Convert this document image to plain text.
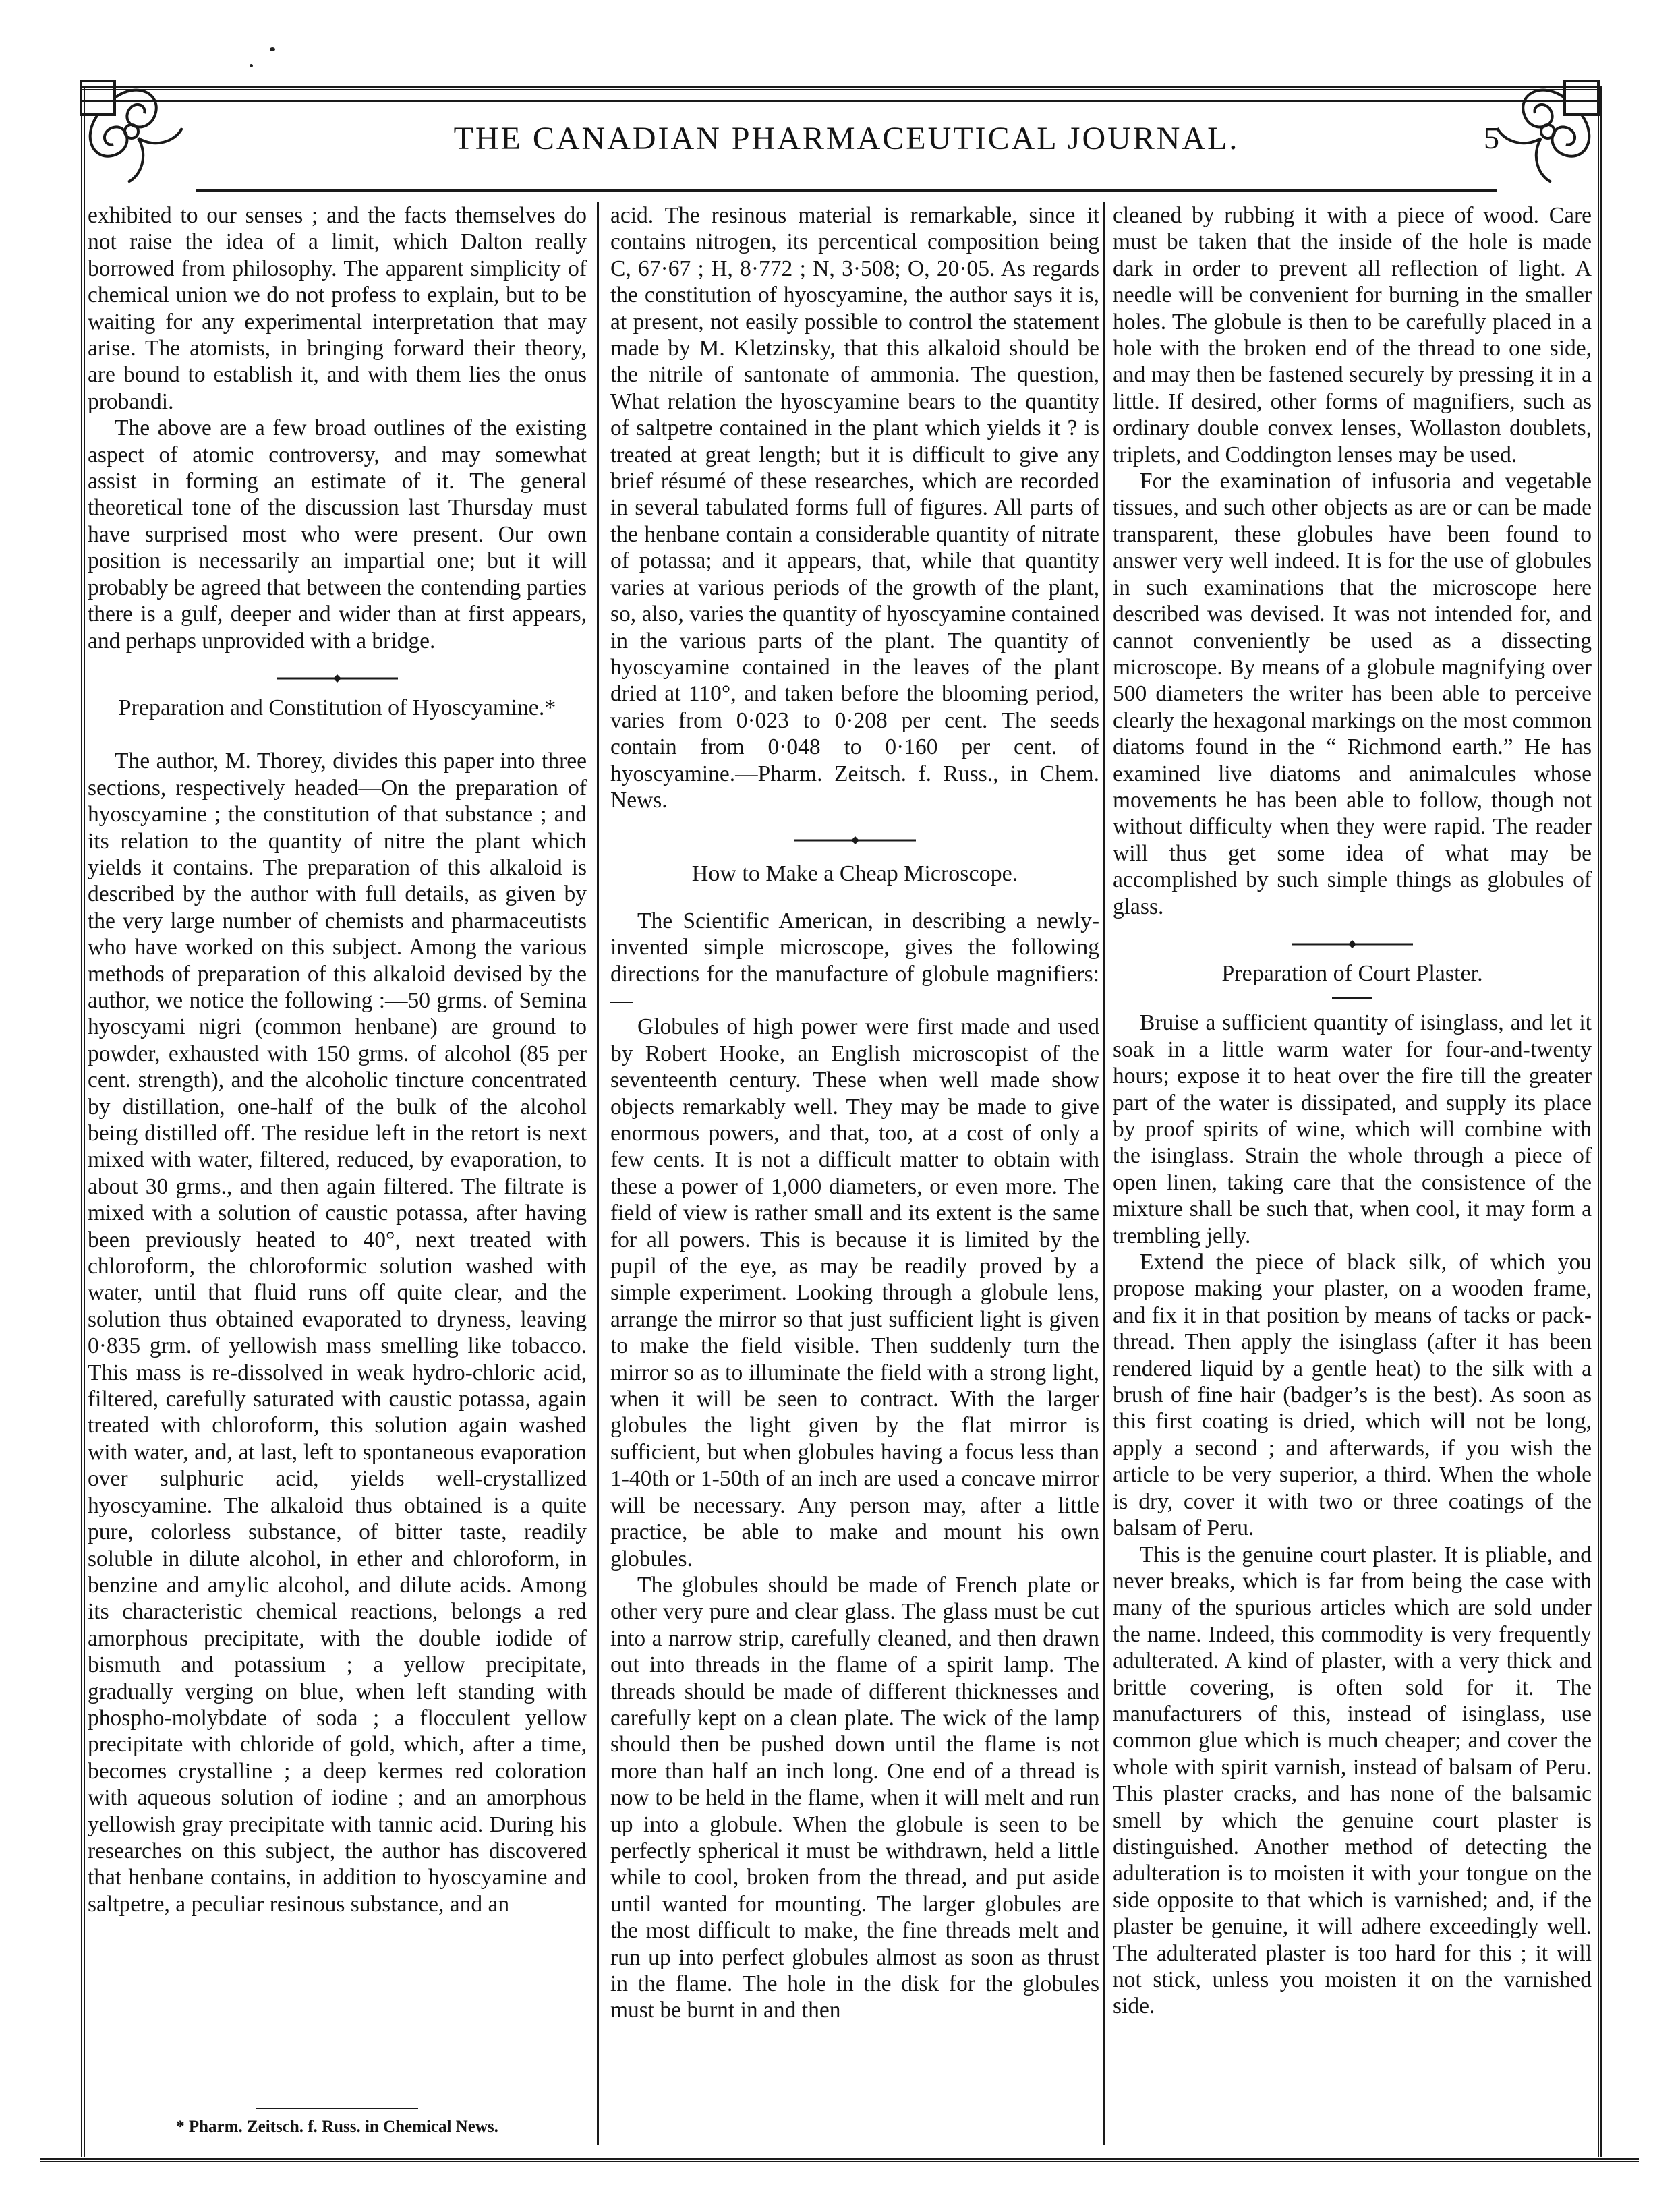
THE CANADIAN PHARMACEUTICAL JOURNAL.	5

exhibited to our senses ; and the facts themselves do not raise the idea of a limit, which Dalton really borrowed from philosophy. The apparent simplicity of chemical union we do not profess to explain, but to be waiting for any experimental interpretation that may arise. The atomists, in bringing forward their theory, are bound to establish it, and with them lies the onus probandi.

The above are a few broad outlines of the existing aspect of atomic controversy, and may somewhat assist in forming an estimate of it. The general theoretical tone of the discussion last Thursday must have surprised most who were present. Our own position is necessarily an impartial one; but it will probably be agreed that between the contending parties there is a gulf, deeper and wider than at first appears, and perhaps unprovided with a bridge.

Preparation and Constitution of Hyoscyamine.*

The author, M. Thorey, divides this paper into three sections, respectively headed—On the preparation of hyoscyamine ; the constitution of that substance ; and its relation to the quantity of nitre the plant which yields it contains. The preparation of this alkaloid is described by the author with full details, as given by the very large number of chemists and pharmaceutists who have worked on this subject. Among the various methods of preparation of this alkaloid devised by the author, we notice the following :—50 grms. of Semina hyoscyami nigri (common henbane) are ground to powder, exhausted with 150 grms. of alcohol (85 per cent. strength), and the alcoholic tincture concentrated by distillation, one-half of the bulk of the alcohol being distilled off. The residue left in the retort is next mixed with water, filtered, reduced, by evaporation, to about 30 grms., and then again filtered. The filtrate is mixed with a solution of caustic potassa, after having been previously heated to 40°, next treated with chloroform, the chloroformic solution washed with water, until that fluid runs off quite clear, and the solution thus obtained evaporated to dryness, leaving 0·835 grm. of yellowish mass smelling like tobacco. This mass is re-dissolved in weak hydro-chloric acid, filtered, carefully saturated with caustic potassa, again treated with chloroform, this solution again washed with water, and, at last, left to spontaneous evaporation over sulphuric acid, yields well-crystallized hyoscyamine. The alkaloid thus obtained is a quite pure, colorless substance, of bitter taste, readily soluble in dilute alcohol, in ether and chloroform, in benzine and amylic alcohol, and dilute acids. Among its characteristic chemical reactions, belongs a red amorphous precipitate, with the double iodide of bismuth and potassium ; a yellow precipitate, gradually verging on blue, when left standing with phospho-molybdate of soda ; a flocculent yellow precipitate with chloride of gold, which, after a time, becomes crystalline ; a deep kermes red coloration with aqueous solution of iodine ; and an amorphous yellowish gray precipitate with tannic acid. During his researches on this subject, the author has discovered that henbane contains, in addition to hyoscyamine and saltpetre, a peculiar resinous substance, and an

* Pharm. Zeitsch. f. Russ. in Chemical News.

acid. The resinous material is remarkable, since it contains nitrogen, its percentical composition being C, 67·67 ; H, 8·772 ; N, 3·508; O, 20·05. As regards the constitution of hyoscyamine, the author says it is, at present, not easily possible to control the statement made by M. Kletzinsky, that this alkaloid should be the nitrile of santonate of ammonia. The question, What relation the hyoscyamine bears to the quantity of saltpetre contained in the plant which yields it ? is treated at great length; but it is difficult to give any brief résumé of these researches, which are recorded in several tabulated forms full of figures. All parts of the henbane contain a considerable quantity of nitrate of potassa; and it appears, that, while that quantity varies at various periods of the growth of the plant, so, also, varies the quantity of hyoscyamine contained in the various parts of the plant. The quantity of hyoscyamine contained in the leaves of the plant dried at 110°, and taken before the blooming period, varies from 0·023 to 0·208 per cent. The seeds contain from 0·048 to 0·160 per cent. of hyoscyamine.—Pharm. Zeitsch. f. Russ., in Chem. News.

How to Make a Cheap Microscope.

The Scientific American, in describing a newly-invented simple microscope, gives the following directions for the manufacture of globule magnifiers:—

Globules of high power were first made and used by Robert Hooke, an English microscopist of the seventeenth century. These when well made show objects remarkably well. They may be made to give enormous powers, and that, too, at a cost of only a few cents. It is not a difficult matter to obtain with these a power of 1,000 diameters, or even more. The field of view is rather small and its extent is the same for all powers. This is because it is limited by the pupil of the eye, as may be readily proved by a simple experiment. Looking through a globule lens, arrange the mirror so that just sufficient light is given to make the field visible. Then suddenly turn the mirror so as to illuminate the field with a strong light, when it will be seen to contract. With the larger globules the light given by the flat mirror is sufficient, but when globules having a focus less than 1-40th or 1-50th of an inch are used a concave mirror will be necessary. Any person may, after a little practice, be able to make and mount his own globules.

The globules should be made of French plate or other very pure and clear glass. The glass must be cut into a narrow strip, carefully cleaned, and then drawn out into threads in the flame of a spirit lamp. The threads should be made of different thicknesses and carefully kept on a clean plate. The wick of the lamp should then be pushed down until the flame is not more than half an inch long. One end of a thread is now to be held in the flame, when it will melt and run up into a globule. When the globule is seen to be perfectly spherical it must be withdrawn, held a little while to cool, broken from the thread, and put aside until wanted for mounting. The larger globules are the most difficult to make, the fine threads melt and run up into perfect globules almost as soon as thrust in the flame. The hole in the disk for the globules must be burnt in and then

cleaned by rubbing it with a piece of wood. Care must be taken that the inside of the hole is made dark in order to prevent all reflection of light. A needle will be convenient for burning in the smaller holes. The globule is then to be carefully placed in a hole with the broken end of the thread to one side, and may then be fastened securely by pressing it in a little. If desired, other forms of magnifiers, such as ordinary double convex lenses, Wollaston doublets, triplets, and Coddington lenses may be used.

For the examination of infusoria and vegetable tissues, and such other objects as are or can be made transparent, these globules have been found to answer very well indeed. It is for the use of globules in such examinations that the microscope here described was devised. It was not intended for, and cannot conveniently be used as a dissecting microscope. By means of a globule magnifying over 500 diameters the writer has been able to perceive clearly the hexagonal markings on the most common diatoms found in the “ Richmond earth.” He has examined live diatoms and animalcules whose movements he has been able to follow, though not without difficulty when they were rapid. The reader will thus get some idea of what may be accomplished by such simple things as globules of glass.

Preparation of Court Plaster.

Bruise a sufficient quantity of isinglass, and let it soak in a little warm water for four-and-twenty hours; expose it to heat over the fire till the greater part of the water is dissipated, and supply its place by proof spirits of wine, which will combine with the isinglass. Strain the whole through a piece of open linen, taking care that the consistence of the mixture shall be such that, when cool, it may form a trembling jelly.

Extend the piece of black silk, of which you propose making your plaster, on a wooden frame, and fix it in that position by means of tacks or pack-thread. Then apply the isinglass (after it has been rendered liquid by a gentle heat) to the silk with a brush of fine hair (badger’s is the best). As soon as this first coating is dried, which will not be long, apply a second ; and afterwards, if you wish the article to be very superior, a third. When the whole is dry, cover it with two or three coatings of the balsam of Peru.

This is the genuine court plaster. It is pliable, and never breaks, which is far from being the case with many of the spurious articles which are sold under the name. Indeed, this commodity is very frequently adulterated. A kind of plaster, with a very thick and brittle covering, is often sold for it. The manufacturers of this, instead of isinglass, use common glue which is much cheaper; and cover the whole with spirit varnish, instead of balsam of Peru. This plaster cracks, and has none of the balsamic smell by which the genuine court plaster is distinguished. Another method of detecting the adulteration is to moisten it with your tongue on the side opposite to that which is varnished; and, if the plaster be genuine, it will adhere exceedingly well. The adulterated plaster is too hard for this ; it will not stick, unless you moisten it on the varnished side.
